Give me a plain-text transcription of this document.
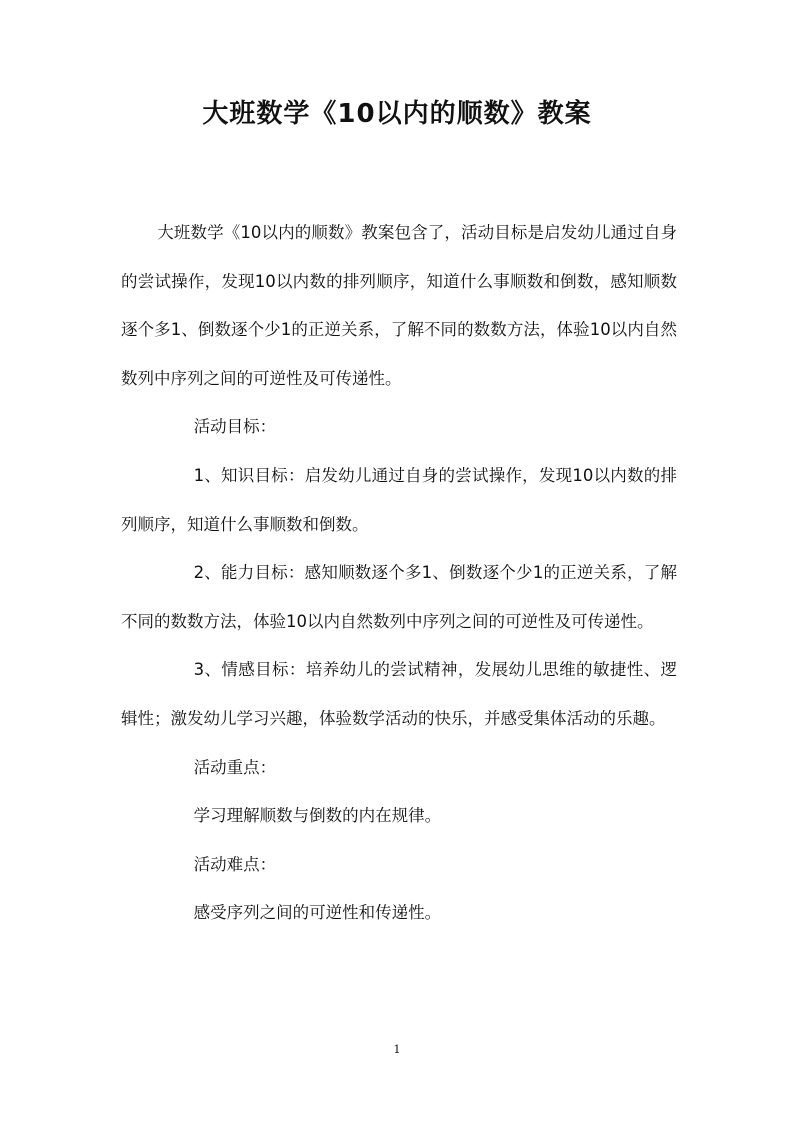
大班数学《10以内的顺数》教案

大班数学《10以内的顺数》教案包含了，活动目标是启发幼儿通过自身的尝试操作，发现10以内数的排列顺序，知道什么事顺数和倒数，感知顺数逐个多1、倒数逐个少1的正逆关系，了解不同的数数方法，体验10以内自然数列中序列之间的可逆性及可传递性。

活动目标：

1、知识目标：启发幼儿通过自身的尝试操作，发现10以内数的排列顺序，知道什么事顺数和倒数。

2、能力目标：感知顺数逐个多1、倒数逐个少1的正逆关系，了解不同的数数方法，体验10以内自然数列中序列之间的可逆性及可传递性。

3、情感目标：培养幼儿的尝试精神，发展幼儿思维的敏捷性、逻辑性；激发幼儿学习兴趣，体验数学活动的快乐，并感受集体活动的乐趣。

活动重点：

学习理解顺数与倒数的内在规律。

活动难点：

感受序列之间的可逆性和传递性。

1
